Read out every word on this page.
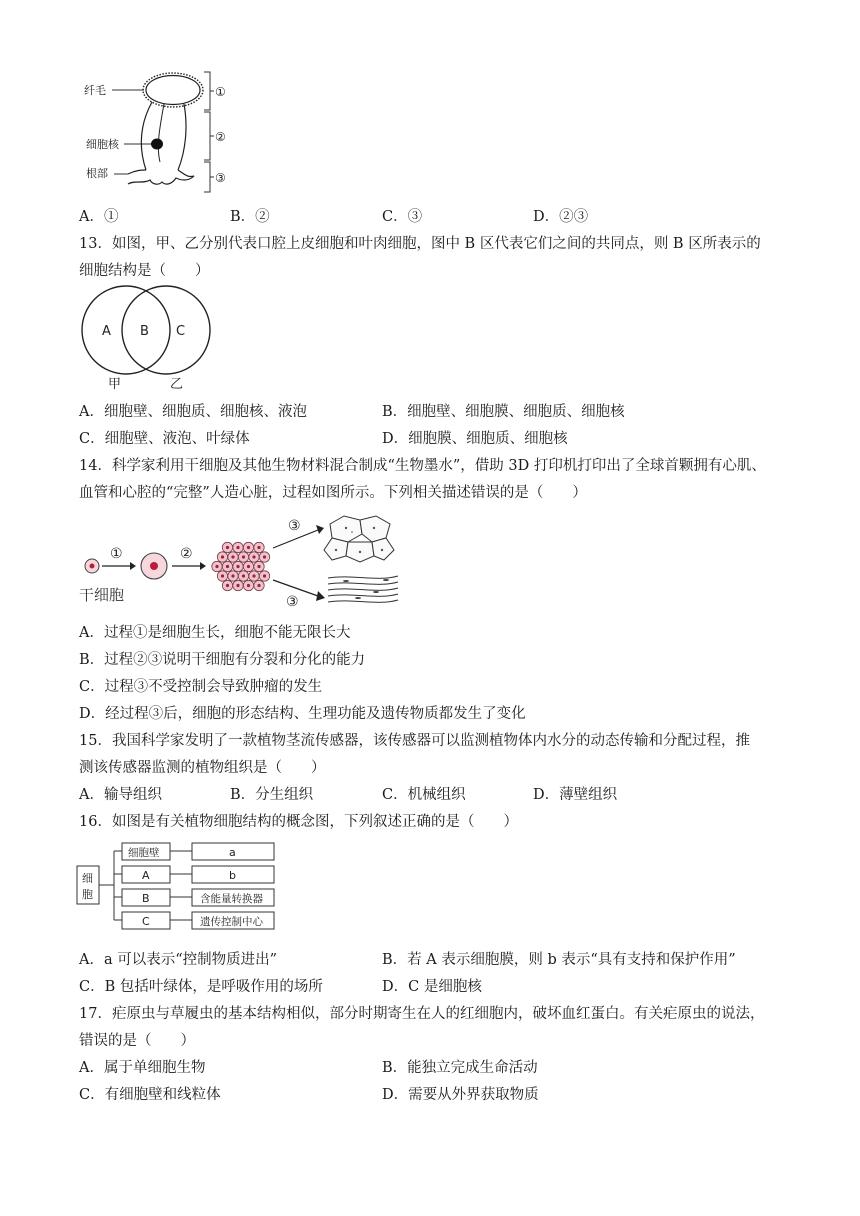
纤毛
细胞核
根部
①
②
③
A．①	B．②	C．③	D．②③
13．如图，甲、乙分别代表口腔上皮细胞和叶肉细胞，图中 B 区代表它们之间的共同点，则 B 区所表示的
细胞结构是（　　）
A B C
甲	乙
A．细胞壁、细胞质、细胞核、液泡	B．细胞壁、细胞膜、细胞质、细胞核
C．细胞壁、液泡、叶绿体	D．细胞膜、细胞质、细胞核
14．科学家利用干细胞及其他生物材料混合制成“生物墨水”，借助 3D 打印机打印出了全球首颗拥有心肌、
血管和心腔的“完整”人造心脏，过程如图所示。下列相关描述错误的是（　　）
①	②
③
③
干细胞
A．过程①是细胞生长，细胞不能无限长大
B．过程②③说明干细胞有分裂和分化的能力
C．过程③不受控制会导致肿瘤的发生
D．经过程③后，细胞的形态结构、生理功能及遗传物质都发生了变化
15．我国科学家发明了一款植物茎流传感器，该传感器可以监测植物体内水分的动态传输和分配过程，推
测该传感器监测的植物组织是（　　）
A．输导组织	B．分生组织	C．机械组织	D．薄壁组织
16．如图是有关植物细胞结构的概念图，下列叙述正确的是（　　）
细
胞
细胞壁
A
B
C
a
b
含能量转换器
遗传控制中心
A．a 可以表示“控制物质进出”	B．若 A 表示细胞膜，则 b 表示“具有支持和保护作用”
C．B 包括叶绿体，是呼吸作用的场所	D．C 是细胞核
17．疟原虫与草履虫的基本结构相似，部分时期寄生在人的红细胞内，破坏血红蛋白。有关疟原虫的说法，
错误的是（　　）
A．属于单细胞生物	B．能独立完成生命活动
C．有细胞壁和线粒体	D．需要从外界获取物质
